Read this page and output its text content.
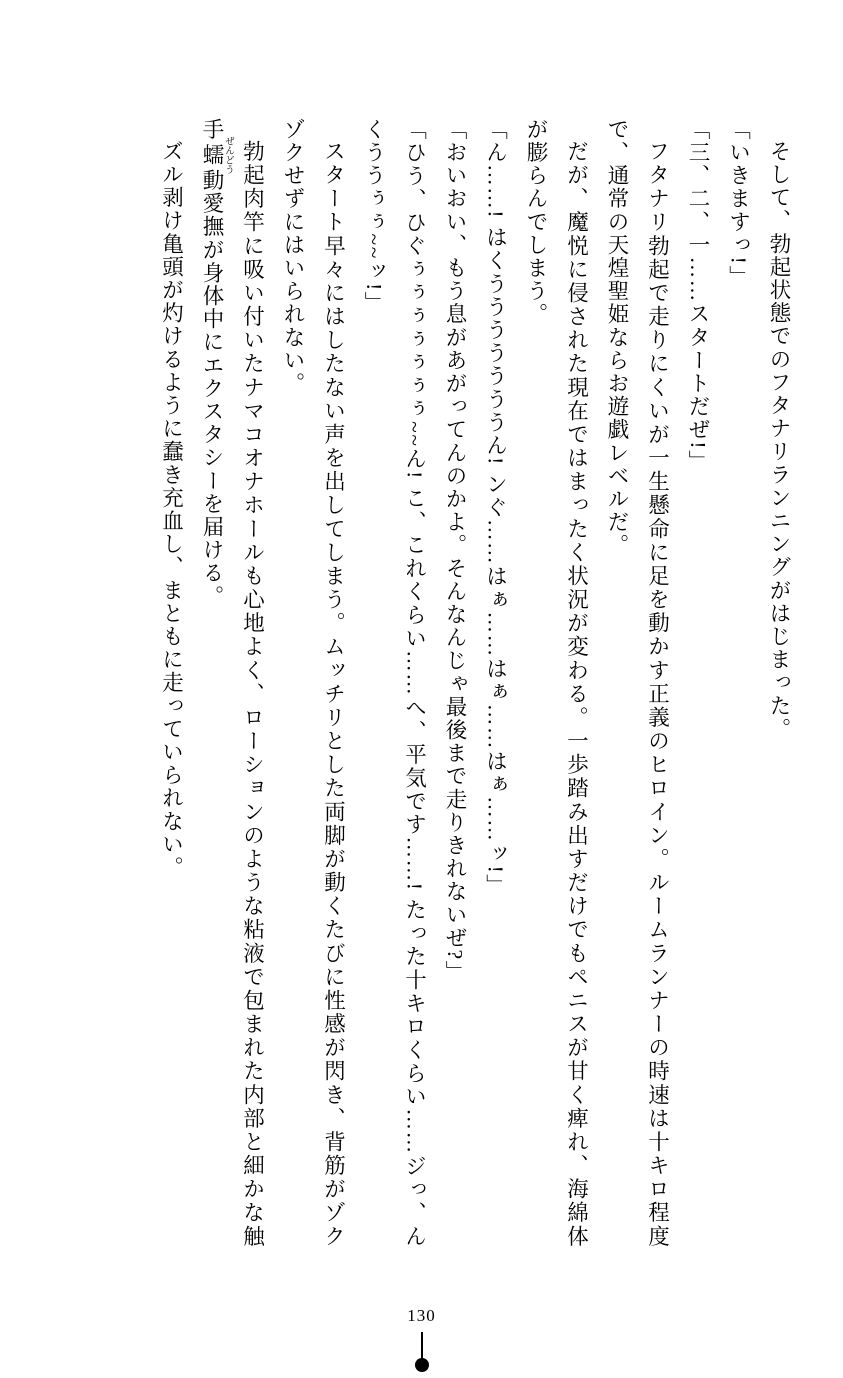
そして、勃起状態でのフタナリランニングがはじまった。

「いきますっ!」

「三、二、一……スタートだぜ!」

フタナリ勃起で走りにくいが一生懸命に足を動かす正義のヒロイン。ルームランナーの時速は十キロ程度で、通常の天煌聖姫ならお遊戯レベルだ。

だが、魔悦に侵された現在ではまったく状況が変わる。一歩踏み出すだけでもペニスが甘く痺れ、海綿体が膨らんでしまう。

「ん……! はくうううううううん! ンぐ……はぁ……はぁ……はぁ……ッ!」

「おいおい、もう息があがってんのかよ。そんなんじゃ最後まで走りきれないぜ?」

「ひう、ひぐぅぅぅぅぅぅぅ~~ん! こ、これくらい……へ、平気です……! たった十キロくらい……ジっ、んくううぅぅ~~ッ!」

スタート早々にはしたない声を出してしまう。ムッチリとした両脚が動くたびに性感が閃き、背筋がゾクゾクせずにはいられない。

勃起肉竿に吸い付いたナマコオナホールも心地よく、ローションのような粘液で包まれた内部と細かな触手蠕 ぜんどう動愛撫が身体中にエクスタシーを届ける。

ズル剥け亀頭が灼けるように蠢き充血し、まともに走っていられない。

130
